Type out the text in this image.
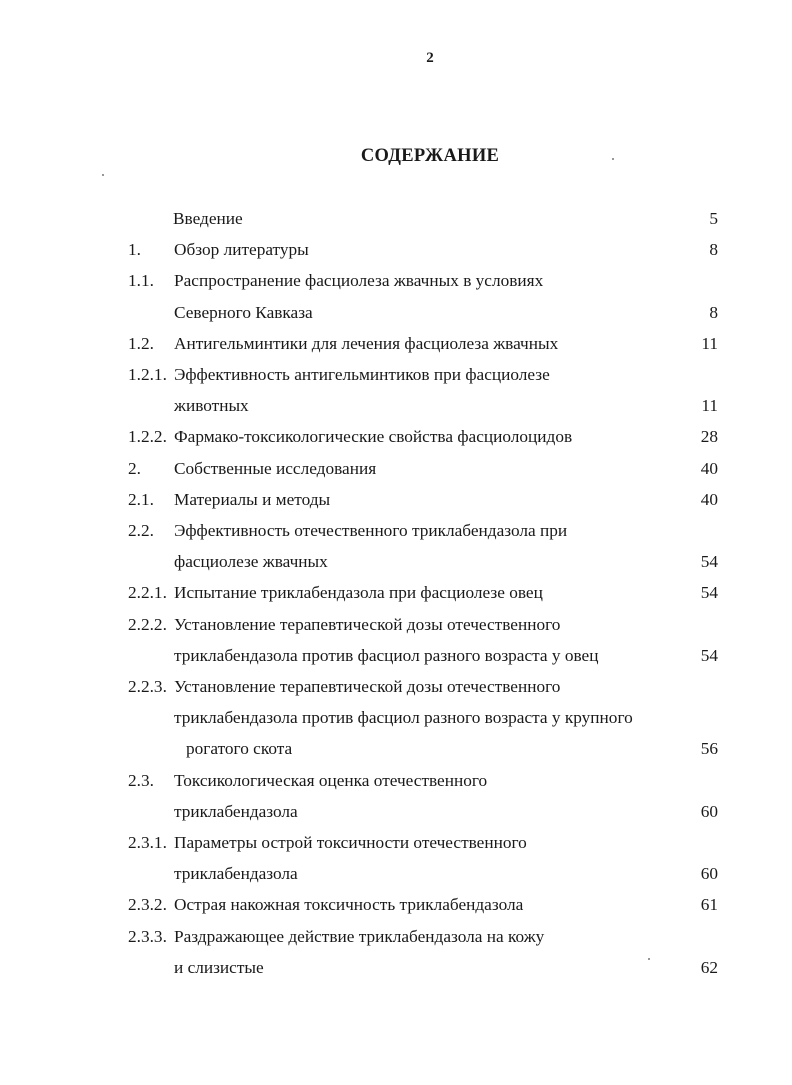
2
СОДЕРЖАНИЕ
Введение	5
1. Обзор литературы	8
1.1. Распространение фасциолеза жвачных в условиях
Северного Кавказа	8
1.2. Антигельминтики для лечения фасциолеза жвачных	11
1.2.1. Эффективность антигельминтиков при фасциолезе
животных	11
1.2.2. Фармако-токсикологические свойства фасциолоцидов	28
2. Собственные исследования	40
2.1. Материалы и методы	40
2.2. Эффективность отечественного триклабендазола при
фасциолезе жвачных	54
2.2.1. Испытание триклабендазола при фасциолезе овец	54
2.2.2. Установление терапевтической дозы отечественного
триклабендазола против фасциол разного возраста у овец	54
2.2.3. Установление терапевтической дозы отечественного
триклабендазола против фасциол разного возраста у крупного
рогатого скота	56
2.3. Токсикологическая оценка отечественного
триклабендазола	60
2.3.1. Параметры острой токсичности отечественного
триклабендазола	60
2.3.2. Острая накожная токсичность триклабендазола	61
2.3.3. Раздражающее действие триклабендазола на кожу
и слизистые	62
